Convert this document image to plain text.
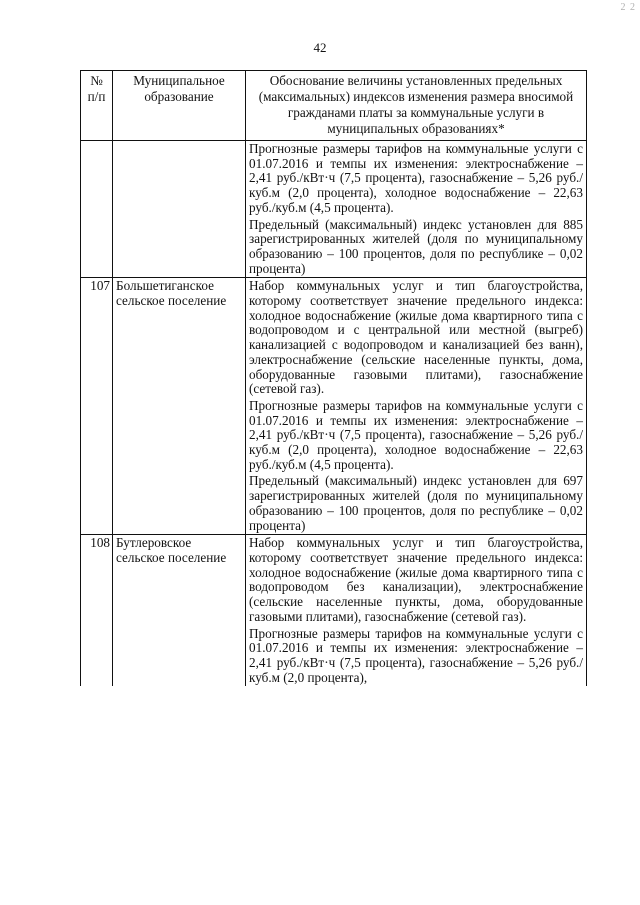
2 2
42
№ п/п	Муниципальное образование	Обоснование величины установленных предельных (максимальных) индексов изменения размера вносимой гражданами платы за коммунальные услуги в муниципальных образованиях*

		Прогнозные размеры тарифов на коммунальные услуги с 01.07.2016 и темпы их изменения: электроснабжение – 2,41 руб./кВт·ч (7,5 процента), газоснабжение – 5,26 руб./куб.м (2,0 процента), холодное водоснабжение – 22,63 руб./куб.м (4,5 процента).

Предельный (максимальный) индекс установлен для 885 зарегистрированных жителей (доля по муниципальному образованию – 100 процентов, доля по республике – 0,02 процента)

107	Большетиганское сельское поселение	Набор коммунальных услуг и тип благоустройства, которому соответствует значение предельного индекса: холодное водоснабжение (жилые дома квартирного типа с водопроводом и с центральной или местной (выгреб) канализацией с водопроводом и канализацией без ванн), электроснабжение (сельские населенные пункты, дома, оборудованные газовыми плитами), газоснабжение (сетевой газ).

Прогнозные размеры тарифов на коммунальные услуги с 01.07.2016 и темпы их изменения: электроснабжение – 2,41 руб./кВт·ч (7,5 процента), газоснабжение – 5,26 руб./куб.м (2,0 процента), холодное водоснабжение – 22,63 руб./куб.м (4,5 процента).

Предельный (максимальный) индекс установлен для 697 зарегистрированных жителей (доля по муниципальному образованию – 100 процентов, доля по республике – 0,02 процента)

108	Бутлеровское сельское поселение	Набор коммунальных услуг и тип благоустройства, которому соответствует значение предельного индекса: холодное водоснабжение (жилые дома квартирного типа с водопроводом без канализации), электроснабжение (сельские населенные пункты, дома, оборудованные газовыми плитами), газоснабжение (сетевой газ).

Прогнозные размеры тарифов на коммунальные услуги с 01.07.2016 и темпы их изменения: электроснабжение – 2,41 руб./кВт·ч (7,5 процента), газоснабжение – 5,26 руб./куб.м (2,0 процента),
